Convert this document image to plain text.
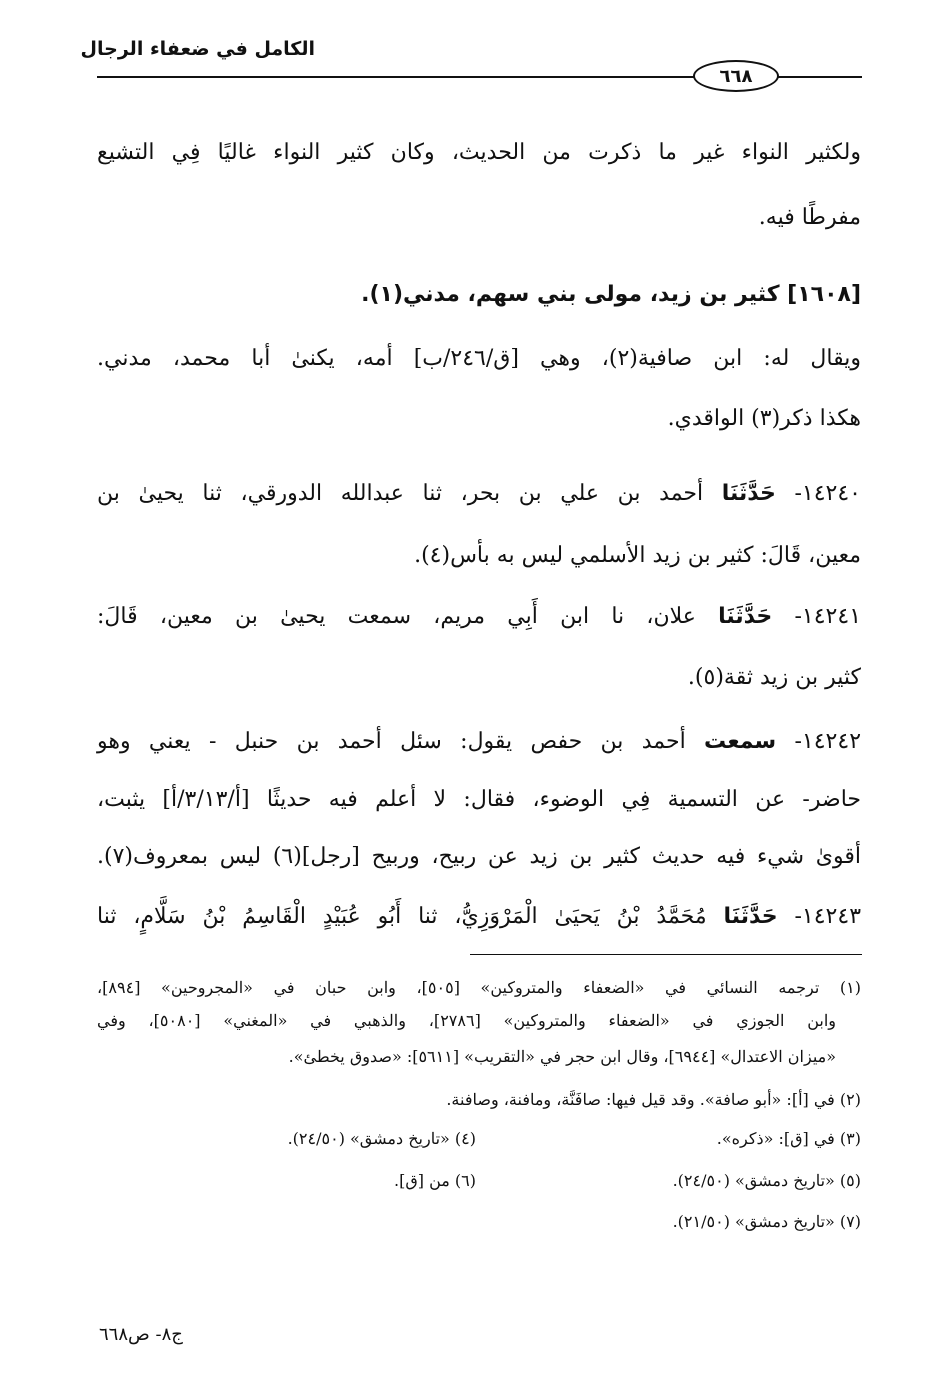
الكامل في ضعفاء الرجال
٦٦٨
ولكثير النواء غير ما ذكرت من الحديث، وكان كثير النواء غاليًا فِي التشيع
مفرطًا فيه.
[١٦٠٨] كثير بن زيد، مولى بني سهم، مدني(١).
ويقال له: ابن صافية(٢)، وهي [ق/٢٤٦/ب] أمه، يكنىٰ أبا محمد، مدني.
هكذا ذكر(٣) الواقدي.
١٤٢٤٠- حَدَّثَنَا أحمد بن علي بن بحر، ثنا عبدالله الدورقي، ثنا يحيىٰ بن
معين، قَالَ: كثير بن زيد الأسلمي ليس به بأس(٤).
١٤٢٤١- حَدَّثَنَا علان، نا ابن أَبِي مريم، سمعت يحيىٰ بن معين، قَالَ:
كثير بن زيد ثقة(٥).
١٤٢٤٢- سمعت أحمد بن حفص يقول: سئل أحمد بن حنبل - يعني وهو
حاضر- عن التسمية فِي الوضوء، فقال: لا أعلم فيه حديثًا [أ/٣/١٣/أ] يثبت،
أقوىٰ شيء فيه حديث كثير بن زيد عن ربيح، وربيح [رجل](٦) ليس بمعروف(٧).
١٤٢٤٣- حَدَّثَنَا مُحَمَّدُ بْنُ يَحيَىٰ الْمَرْوَزِيُّ، ثنا أَبُو عُبَيْدٍ الْقَاسِمُ بْنُ سَلَّامٍ، ثنا
(١) ترجمه النسائي في «الضعفاء والمتروكين» [٥٠٥]، وابن حبان في «المجروحين» [٨٩٤]،
وابن الجوزي في «الضعفاء والمتروكين» [٢٧٨٦]، والذهبي في «المغني» [٥٠٨٠]، وفي
«ميزان الاعتدال» [٦٩٤٤]، وقال ابن حجر في «التقريب» [٥٦١١]: «صدوق يخطئ».
(٢) في [أ]: «أبو صافة». وقد قيل فيها: صافَنَّة، ومافنة، وصافنة.
(٣) في [ق]: «ذكره».
(٤) «تاريخ دمشق» (٢٤/٥٠).
(٥) «تاريخ دمشق» (٢٤/٥٠).
(٦) من [ق].
(٧) «تاريخ دمشق» (٢١/٥٠).
ج٨- ص٦٦٨
